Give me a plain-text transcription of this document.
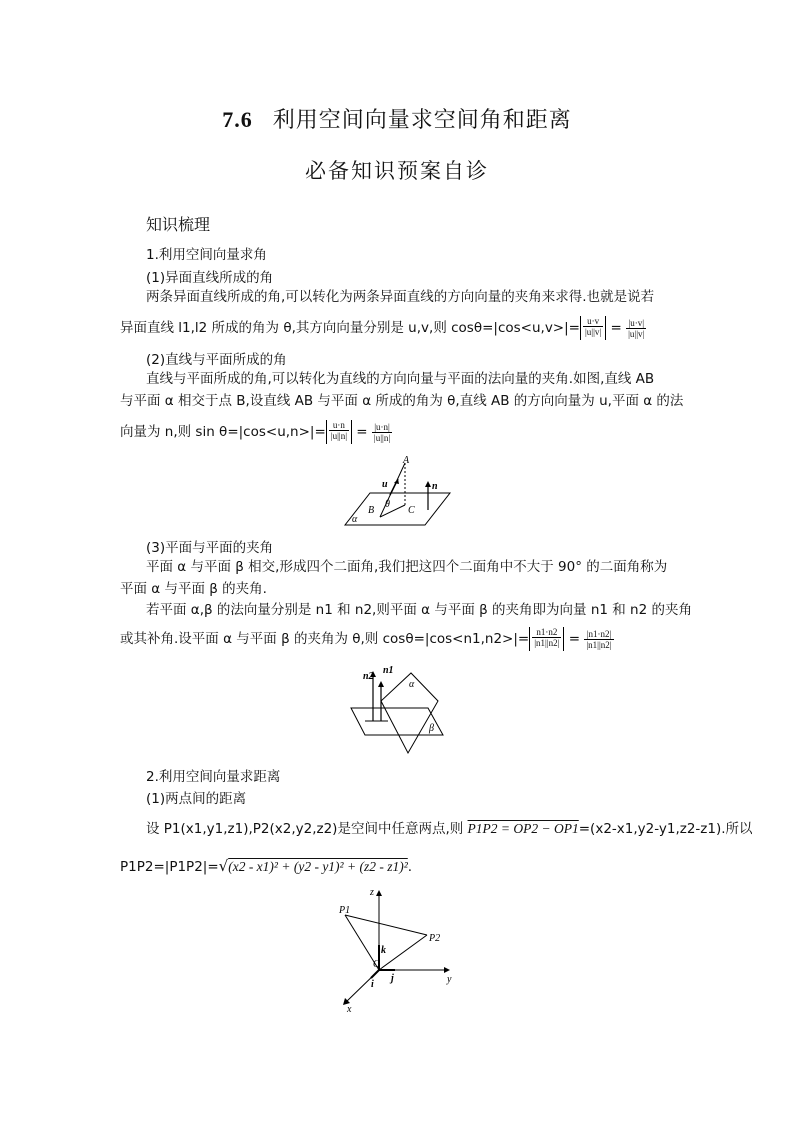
7.6 利用空间向量求空间角和距离
必备知识预案自诊
知识梳理
1.利用空间向量求角
(1)异面直线所成的角
两条异面直线所成的角,可以转化为两条异面直线的方向向量的夹角来求得.也就是说若
异面直线 l1,l2 所成的角为 θ,其方向向量分别是 u,v,则 $\cos\theta=|\cos<u,v>|= \frac{u\cdot v}{|u||v|} = \frac{|u\cdot v|}{|u||v|}$
(2)直线与平面所成的角
直线与平面所成的角,可以转化为直线的方向向量与平面的法向量的夹角.如图,直线 AB
与平面 α 相交于点 B,设直线 AB 与平面 α 所成的角为 θ,直线 AB 的方向向量为 u,平面 α 的法
向量为 n,则 $\sin \theta=|\cos<u,n>|= \frac{u\cdot n}{|u||n|} = \frac{|u\cdot n|}{|u||n|}$
A
B	C
u	n
θ
α
(3)平面与平面的夹角
平面 α 与平面 β 相交,形成四个二面角,我们把这四个二面角中不大于 90° 的二面角称为
平面 α 与平面 β 的夹角.
若平面 α,β 的法向量分别是 n1 和 n2,则平面 α 与平面 β 的夹角即为向量 n1 和 n2 的夹角
或其补角.设平面 α 与平面 β 的夹角为 θ,则 $\cos\theta=|\cos<n1,n2>|= \frac{n1\cdot n2}{|n1||n2|} = \frac{|n1\cdot n2|}{|n1||n2|}$
n2
n1
α
β
2.利用空间向量求距离
(1)两点间的距离
设 P1(x1,y1,z1),P2(x2,y2,z2)是空间中任意两点,则 P1P2 = OP2 − OP1=(x2-x1,y2-y1,z2-z1).所以
P1P2=|P1P2|=√(x2 - x1)² + (y2 - y1)² + (z2 - z1)².
z
y
x
O
P1
P2
k
j
i
